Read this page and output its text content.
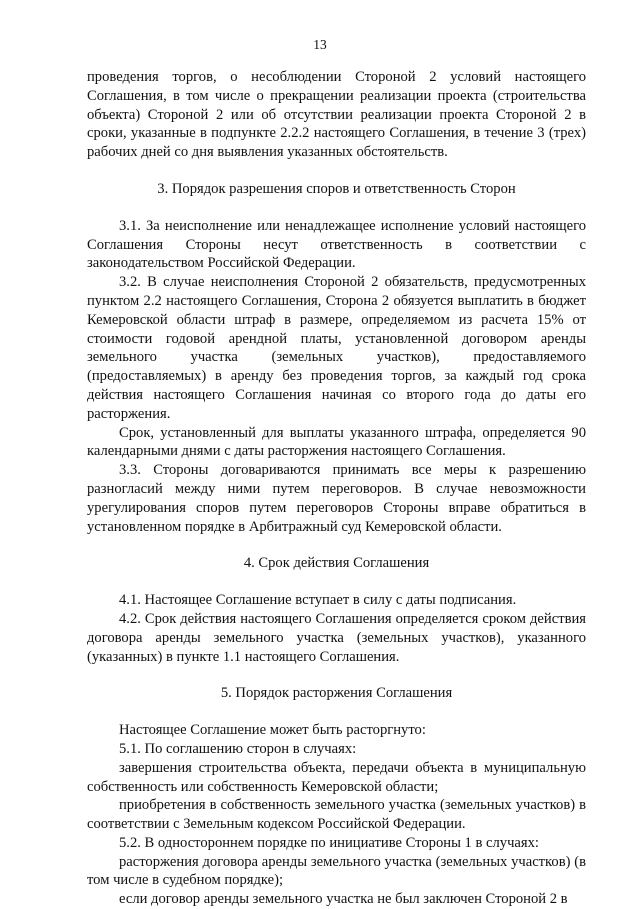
13

проведения торгов, о несоблюдении Стороной 2 условий настоящего Соглашения, в том числе о прекращении реализации проекта (строительства объекта) Стороной 2 или об отсутствии реализации проекта Стороной 2 в сроки, указанные в подпункте 2.2.2 настоящего Соглашения, в течение 3 (трех) рабочих дней со дня выявления указанных обстоятельств.

3. Порядок разрешения споров и ответственность Сторон

3.1. За неисполнение или ненадлежащее исполнение условий настоящего Соглашения Стороны несут ответственность в соответствии с законодательством Российской Федерации.

3.2. В случае неисполнения Стороной 2 обязательств, предусмотренных пунктом 2.2 настоящего Соглашения, Сторона 2 обязуется выплатить в бюджет Кемеровской области штраф в размере, определяемом из расчета 15% от стоимости годовой арендной платы, установленной договором аренды земельного участка (земельных участков), предоставляемого (предоставляемых) в аренду без проведения торгов, за каждый год срока действия настоящего Соглашения начиная со второго года до даты его расторжения.

Срок, установленный для выплаты указанного штрафа, определяется 90 календарными днями с даты расторжения настоящего Соглашения.

3.3. Стороны договариваются принимать все меры к разрешению разногласий между ними путем переговоров. В случае невозможности урегулирования споров путем переговоров Стороны вправе обратиться в установленном порядке в Арбитражный суд Кемеровской области.

4. Срок действия Соглашения

4.1. Настоящее Соглашение вступает в силу с даты подписания.

4.2. Срок действия настоящего Соглашения определяется сроком действия договора аренды земельного участка (земельных участков), указанного (указанных) в пункте 1.1 настоящего Соглашения.

5. Порядок расторжения Соглашения

Настоящее Соглашение может быть расторгнуто:

5.1. По соглашению сторон в случаях:

завершения строительства объекта, передачи объекта в муниципальную собственность или собственность Кемеровской области;

приобретения в собственность земельного участка (земельных участков) в соответствии с Земельным кодексом Российской Федерации.

5.2. В одностороннем порядке по инициативе Стороны 1 в случаях:

расторжения договора аренды земельного участка (земельных участков) (в том числе в судебном порядке);

если договор аренды земельного участка не был заключен Стороной 2 в
